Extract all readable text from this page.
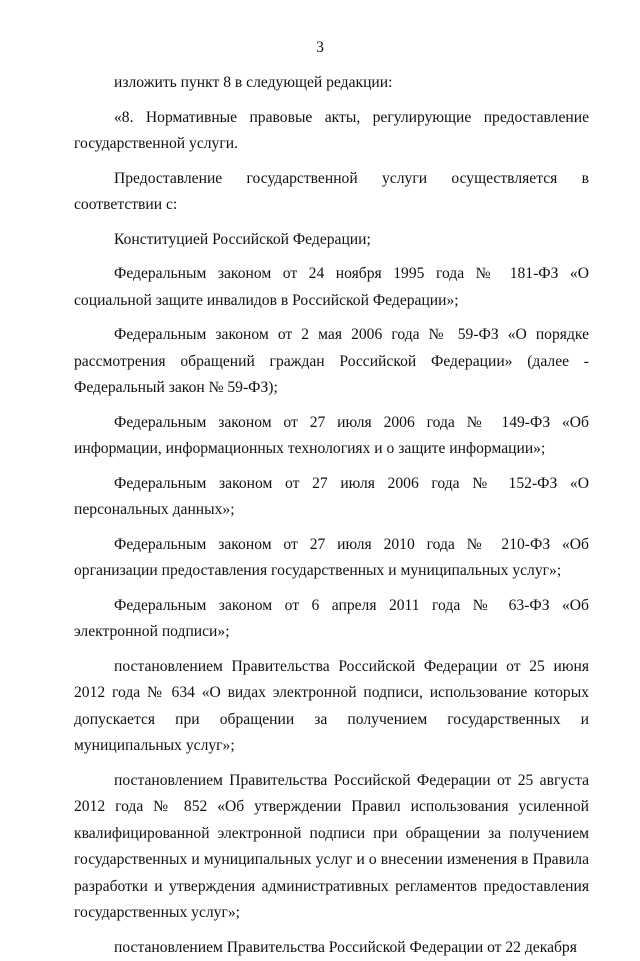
3

изложить пункт 8 в следующей редакции:

«8. Нормативные правовые акты, регулирующие предоставление государственной услуги.

Предоставление государственной услуги осуществляется в соответствии с:

Конституцией Российской Федерации;

Федеральным законом от 24 ноября 1995 года № 181-ФЗ «О социальной защите инвалидов в Российской Федерации»;

Федеральным законом от 2 мая 2006 года № 59-ФЗ «О порядке рассмотрения обращений граждан Российской Федерации» (далее - Федеральный закон № 59-ФЗ);

Федеральным законом от 27 июля 2006 года № 149-ФЗ «Об информации, информационных технологиях и о защите информации»;

Федеральным законом от 27 июля 2006 года № 152-ФЗ «О персональных данных»;

Федеральным законом от 27 июля 2010 года № 210-ФЗ «Об организации предоставления государственных и муниципальных услуг»;

Федеральным законом от 6 апреля 2011 года № 63-ФЗ «Об электронной подписи»;

постановлением Правительства Российской Федерации от 25 июня 2012 года № 634 «О видах электронной подписи, использование которых допускается при обращении за получением государственных и муниципальных услуг»;

постановлением Правительства Российской Федерации от 25 августа 2012 года № 852 «Об утверждении Правил использования усиленной квалифицированной электронной подписи при обращении за получением государственных и муниципальных услуг и о внесении изменения в Правила разработки и утверждения административных регламентов предоставления государственных услуг»;

постановлением Правительства Российской Федерации от 22 декабря
